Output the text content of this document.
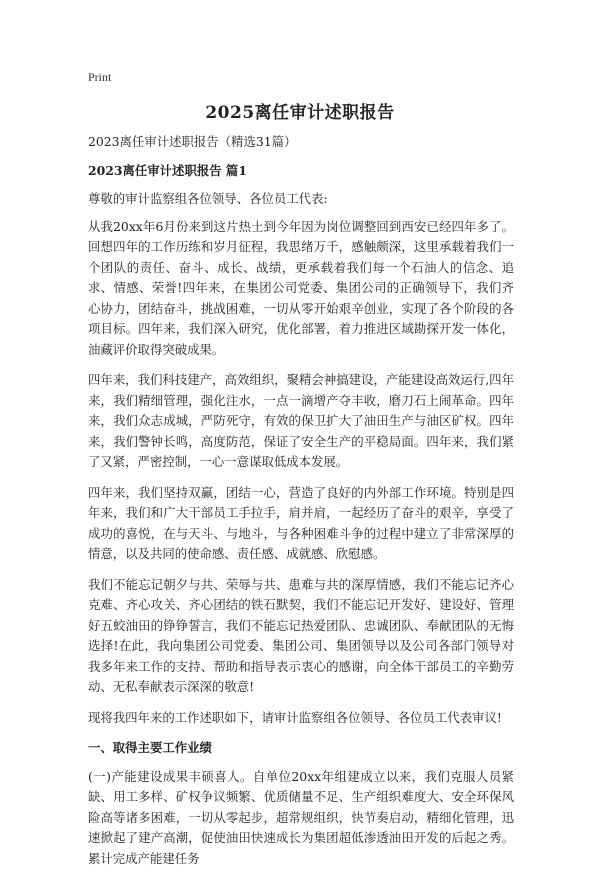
Print
2025离任审计述职报告

2023离任审计述职报告（精选31篇）

2023离任审计述职报告 篇1

尊敬的审计监察组各位领导、各位员工代表:

从我20xx年6月份来到这片热土到今年因为岗位调整回到西安已经四年多了。回想四年的工作历练和岁月征程，我思绪万千，感触颇深，这里承载着我们一个团队的责任、奋斗、成长、战绩，更承载着我们每一个石油人的信念、追求、情感、荣誉!四年来，在集团公司党委、集团公司的正确领导下，我们齐心协力，团结奋斗，挑战困难，一切从零开始艰辛创业，实现了各个阶段的各项目标。四年来，我们深入研究，优化部署，着力推进区域勘探开发一体化，油藏评价取得突破成果。

四年来，我们科技建产，高效组织，聚精会神搞建设，产能建设高效运行,四年来，我们精细管理，强化注水，一点一滴增产夺丰收，磨刀石上闹革命。四年来，我们众志成城，严防死守，有效的保卫扩大了油田生产与油区矿权。四年来，我们警钟长鸣，高度防范，保证了安全生产的平稳局面。四年来，我们紧了又紧，严密控制，一心一意谋取低成本发展。

四年来，我们坚持双赢，团结一心，营造了良好的内外部工作环境。特别是四年来，我们和广大干部员工手拉手，肩并肩，一起经历了奋斗的艰辛，享受了成功的喜悦，在与天斗、与地斗，与各种困难斗争的过程中建立了非常深厚的情意，以及共同的使命感、责任感、成就感、欣慰感。

我们不能忘记朝夕与共、荣辱与共、患难与共的深厚情感，我们不能忘记齐心克难、齐心攻关、齐心团结的铁石默契，我们不能忘记开发好、建设好、管理好五蛟油田的铮铮誓言，我们不能忘记热爱团队、忠诚团队、奉献团队的无悔选择!在此，我向集团公司党委、集团公司、集团领导以及公司各部门领导对我多年来工作的支持、帮助和指导表示衷心的感谢，向全体干部员工的辛勤劳动、无私奉献表示深深的敬意!

现将我四年来的工作述职如下，请审计监察组各位领导、各位员工代表审议!

一、取得主要工作业绩

(一)产能建设成果丰硕喜人。自单位20xx年组建成立以来，我们克服人员紧缺、用工多样、矿权争议频繁、优质储量不足、生产组织难度大、安全环保风险高等诸多困难，一切从零起步，超常规组织，快节奏启动，精细化管理，迅速掀起了建产高潮，促使油田快速成长为集团超低渗透油田开发的后起之秀。累计完成产能建任务
